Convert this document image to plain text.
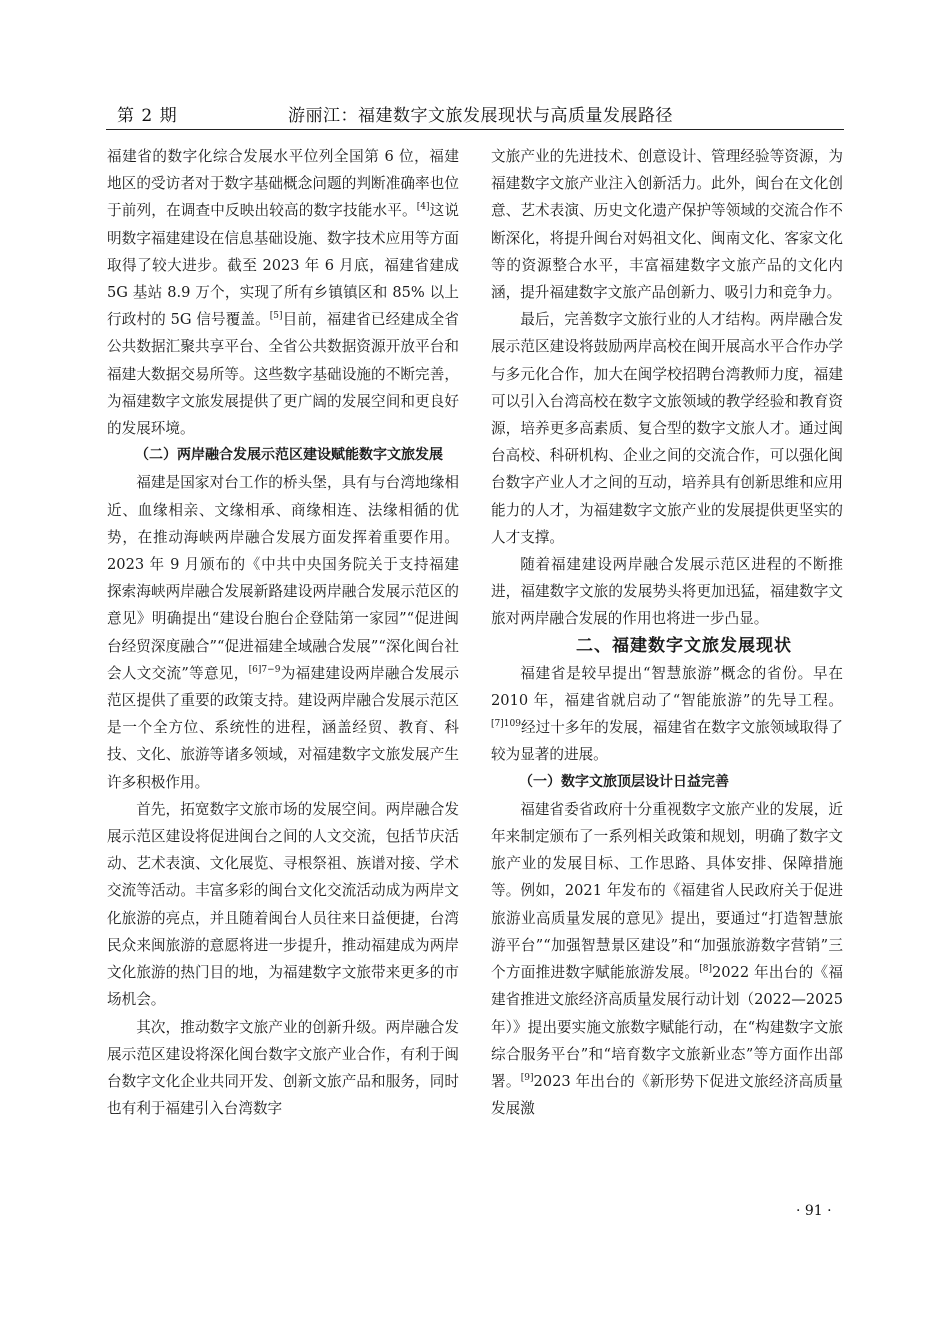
第 2 期	游丽江：福建数字文旅发展现状与高质量发展路径

福建省的数字化综合发展水平位列全国第 6 位，福建地区的受访者对于数字基础概念问题的判断准确率也位于前列，在调查中反映出较高的数字技能水平。[4]这说明数字福建建设在信息基础设施、数字技术应用等方面取得了较大进步。截至 2023 年 6 月底，福建省建成 5G 基站 8.9 万个，实现了所有乡镇镇区和 85% 以上行政村的 5G 信号覆盖。[5]目前，福建省已经建成全省公共数据汇聚共享平台、全省公共数据资源开放平台和福建大数据交易所等。这些数字基础设施的不断完善，为福建数字文旅发展提供了更广阔的发展空间和更良好的发展环境。

（二）两岸融合发展示范区建设赋能数字文旅发展

福建是国家对台工作的桥头堡，具有与台湾地缘相近、血缘相亲、文缘相承、商缘相连、法缘相循的优势，在推动海峡两岸融合发展方面发挥着重要作用。2023 年 9 月颁布的《中共中央国务院关于支持福建探索海峡两岸融合发展新路建设两岸融合发展示范区的意见》明确提出“建设台胞台企登陆第一家园”“促进闽台经贸深度融合”“促进福建全域融合发展”“深化闽台社会人文交流”等意见，$^{[6]7-9}$为福建建设两岸融合发展示范区提供了重要的政策支持。建设两岸融合发展示范区是一个全方位、系统性的进程，涵盖经贸、教育、科技、文化、旅游等诸多领域，对福建数字文旅发展产生许多积极作用。

首先，拓宽数字文旅市场的发展空间。两岸融合发展示范区建设将促进闽台之间的人文交流，包括节庆活动、艺术表演、文化展览、寻根祭祖、族谱对接、学术交流等活动。丰富多彩的闽台文化交流活动成为两岸文化旅游的亮点，并且随着闽台人员往来日益便捷，台湾民众来闽旅游的意愿将进一步提升，推动福建成为两岸文化旅游的热门目的地，为福建数字文旅带来更多的市场机会。

其次，推动数字文旅产业的创新升级。两岸融合发展示范区建设将深化闽台数字文旅产业合作，有利于闽台数字文化企业共同开发、创新文旅产品和服务，同时也有利于福建引入台湾数字

文旅产业的先进技术、创意设计、管理经验等资源，为福建数字文旅产业注入创新活力。此外，闽台在文化创意、艺术表演、历史文化遗产保护等领域的交流合作不断深化，将提升闽台对妈祖文化、闽南文化、客家文化等的资源整合水平，丰富福建数字文旅产品的文化内涵，提升福建数字文旅产品创新力、吸引力和竞争力。

最后，完善数字文旅行业的人才结构。两岸融合发展示范区建设将鼓励两岸高校在闽开展高水平合作办学与多元化合作，加大在闽学校招聘台湾教师力度，福建可以引入台湾高校在数字文旅领域的教学经验和教育资源，培养更多高素质、复合型的数字文旅人才。通过闽台高校、科研机构、企业之间的交流合作，可以强化闽台数字产业人才之间的互动，培养具有创新思维和应用能力的人才，为福建数字文旅产业的发展提供更坚实的人才支撑。

随着福建建设两岸融合发展示范区进程的不断推进，福建数字文旅的发展势头将更加迅猛，福建数字文旅对两岸融合发展的作用也将进一步凸显。

二、福建数字文旅发展现状

福建省是较早提出“智慧旅游”概念的省份。早在 2010 年，福建省就启动了“智能旅游”的先导工程。$^{[7]109}$经过十多年的发展，福建省在数字文旅领域取得了较为显著的进展。

（一）数字文旅顶层设计日益完善

福建省委省政府十分重视数字文旅产业的发展，近年来制定颁布了一系列相关政策和规划，明确了数字文旅产业的发展目标、工作思路、具体安排、保障措施等。例如，2021 年发布的《福建省人民政府关于促进旅游业高质量发展的意见》提出，要通过“打造智慧旅游平台”“加强智慧景区建设”和“加强旅游数字营销”三个方面推进数字赋能旅游发展。[8]2022 年出台的《福建省推进文旅经济高质量发展行动计划（2022—2025 年）》提出要实施文旅数字赋能行动，在“构建数字文旅综合服务平台”和“培育数字文旅新业态”等方面作出部署。[9]2023 年出台的《新形势下促进文旅经济高质量发展激

· 91 ·
